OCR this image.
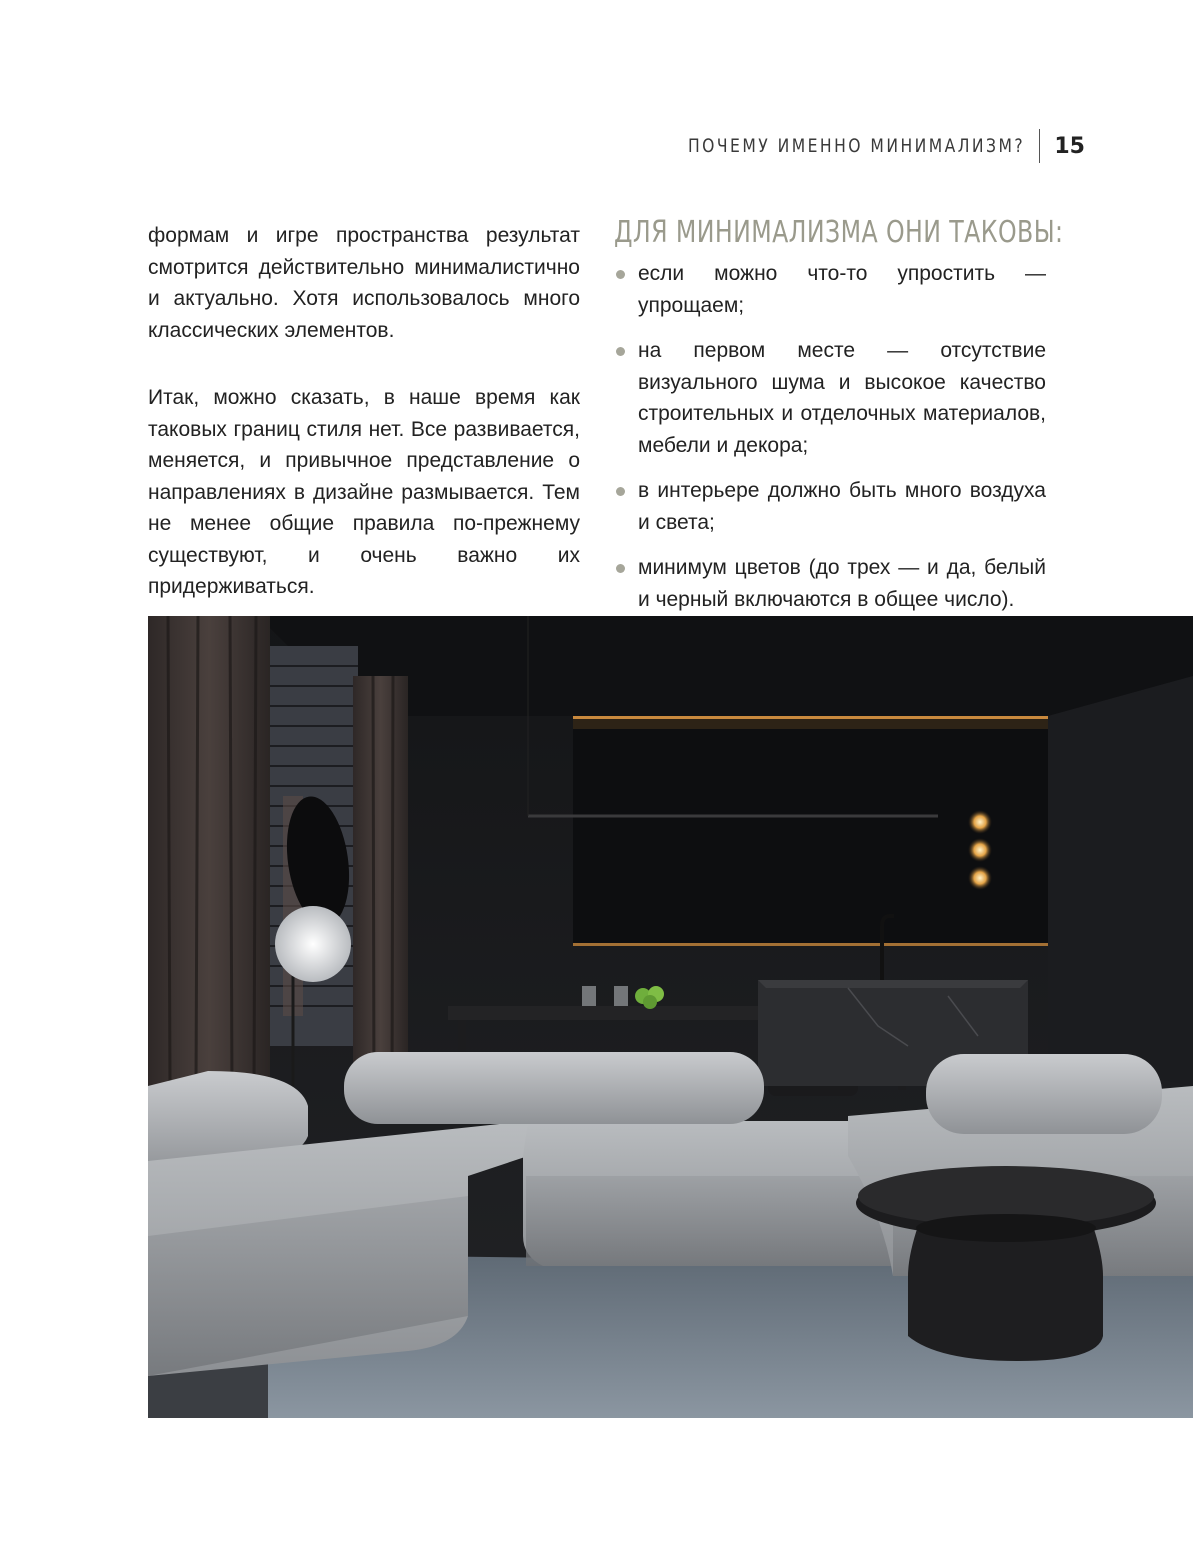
ПОЧЕМУ ИМЕННО МИНИМАЛИЗМ? 15

формам и игре пространства результат смотрится действительно минималистично и актуально. Хотя использовалось много классических элементов.

Итак, можно сказать, в наше время как таковых границ стиля нет. Все развивается, меняется, и привычное представление о направлениях в дизайне размывается. Тем не менее общие правила по-прежнему существуют, и очень важно их придерживаться.

ДЛЯ МИНИМАЛИЗМА ОНИ ТАКОВЫ:
если можно что-то упростить — упрощаем;
на первом месте — отсутствие визуального шума и высокое качество строительных и отделочных материалов, мебели и декора;
в интерьере должно быть много воздуха и света;
минимум цветов (до трех — и да, белый и черный включаются в общее число).
